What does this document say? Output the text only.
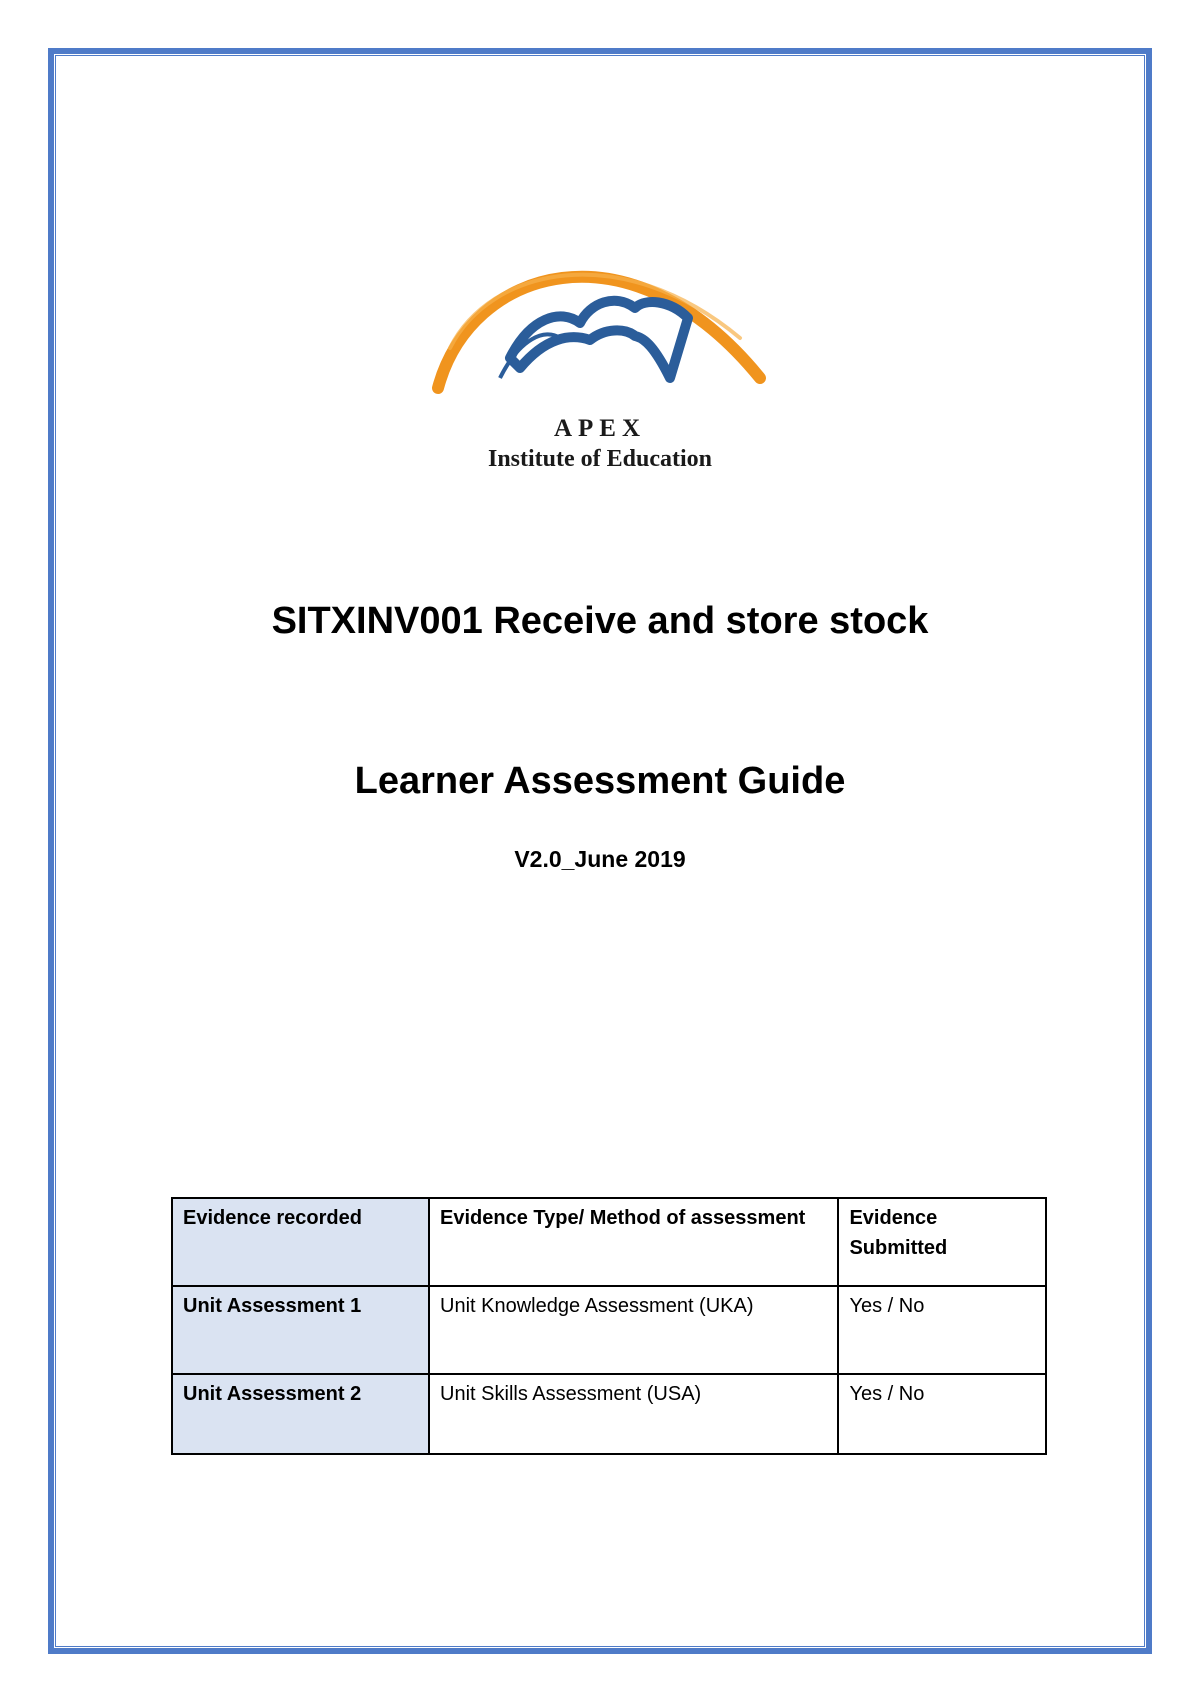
APEX
Institute of Education
SITXINV001 Receive and store stock
Learner Assessment Guide
V2.0_June 2019
Evidence recorded	Evidence Type/ Method of assessment	Evidence Submitted
Unit Assessment 1	Unit Knowledge Assessment (UKA)	Yes / No
Unit Assessment 2	Unit Skills Assessment (USA)	Yes / No
